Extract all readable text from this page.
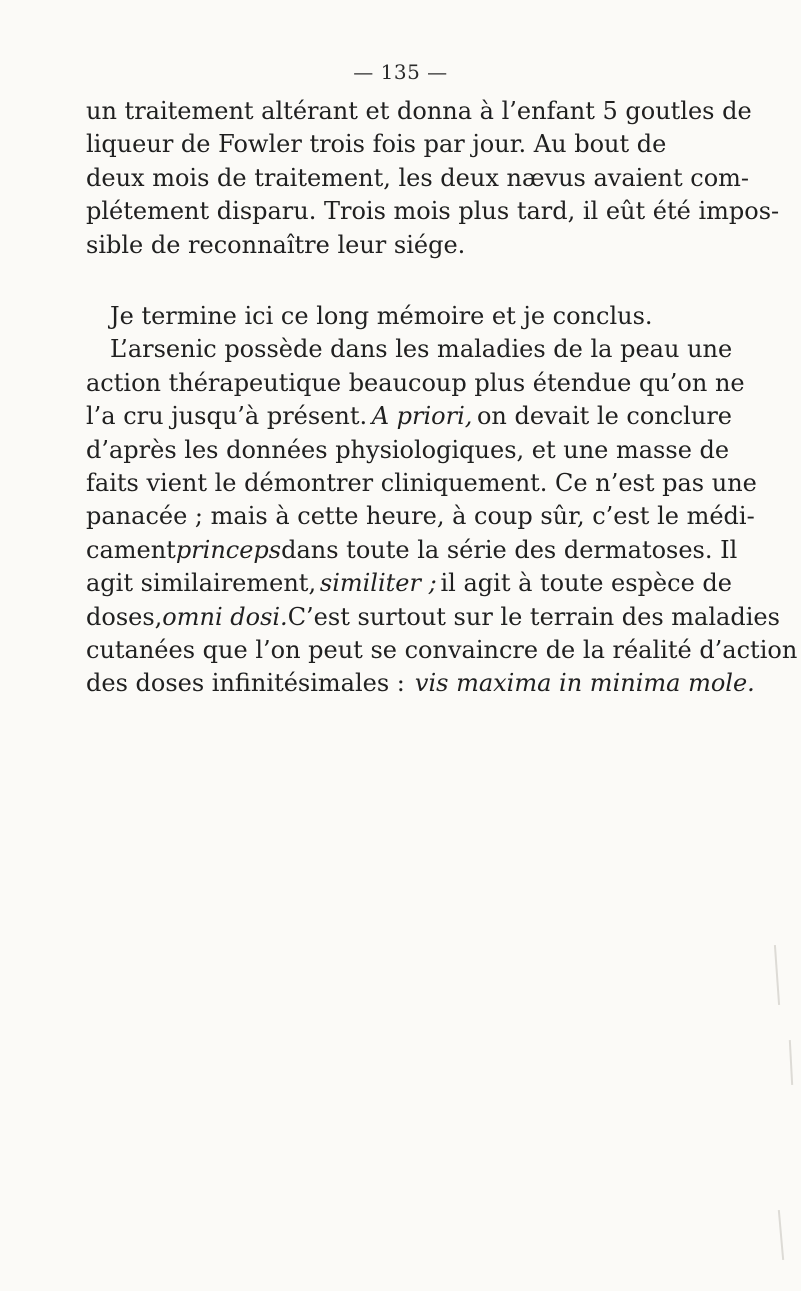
— 135 —
un traitement altérant et donna à l’enfant 5 goutles de
liqueur de Fowler trois fois par jour. Au bout de
deux mois de traitement, les deux nævus avaient com-
plétement disparu. Trois mois plus tard, il eût été impos-
sible de reconnaître leur siége.
Je termine ici ce long mémoire et je conclus.
L’arsenic possède dans les maladies de la peau une
action thérapeutique beaucoup plus étendue qu’on ne
l’a cru jusqu’à présent. A priori, on devait le conclure
d’après les données physiologiques, et une masse de
faits vient le démontrer cliniquement. Ce n’est pas une
panacée ; mais à cette heure, à coup sûr, c’est le médi-
cament princeps dans toute la série des dermatoses. Il
agit similairement, similiter ; il agit à toute espèce de
doses, omni dosi. C’est surtout sur le terrain des maladies
cutanées que l’on peut se convaincre de la réalité d’action
des doses infinitésimales : vis maxima in minima mole.
